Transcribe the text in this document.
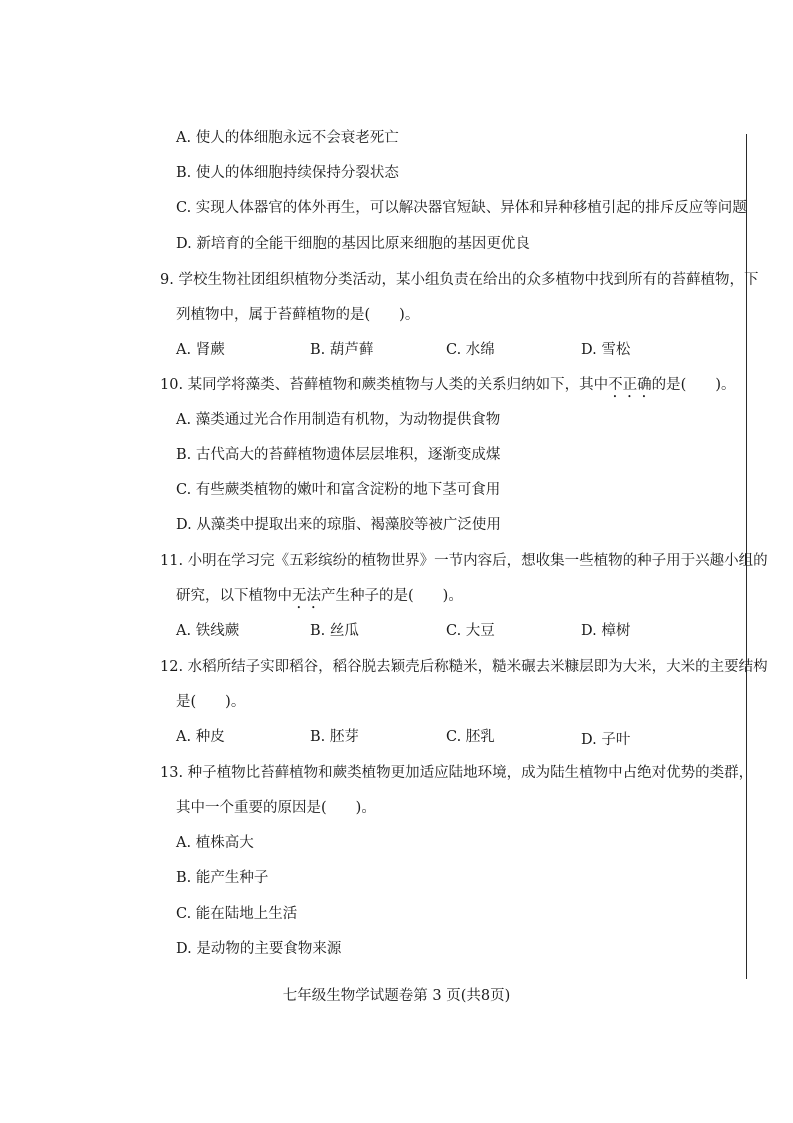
A. 使人的体细胞永远不会衰老死亡
B. 使人的体细胞持续保持分裂状态
C. 实现人体器官的体外再生，可以解决器官短缺、异体和异种移植引起的排斥反应等问题
D. 新培育的全能干细胞的基因比原来细胞的基因更优良
9. 学校生物社团组织植物分类活动，某小组负责在给出的众多植物中找到所有的苔藓植物，下
列植物中，属于苔藓植物的是(　　)。
A. 肾蕨	B. 葫芦藓	C. 水绵	D. 雪松
10. 某同学将藻类、苔藓植物和蕨类植物与人类的关系归纳如下，其中不正确的是(　　)。
A. 藻类通过光合作用制造有机物，为动物提供食物
B. 古代高大的苔藓植物遗体层层堆积，逐渐变成煤
C. 有些蕨类植物的嫩叶和富含淀粉的地下茎可食用
D. 从藻类中提取出来的琼脂、褐藻胶等被广泛使用
11. 小明在学习完《五彩缤纷的植物世界》一节内容后，想收集一些植物的种子用于兴趣小组的
研究，以下植物中无法产生种子的是(　　)。
A. 铁线蕨	B. 丝瓜	C. 大豆	D. 樟树
12. 水稻所结子实即稻谷，稻谷脱去颖壳后称糙米，糙米碾去米糠层即为大米，大米的主要结构
是(　　)。
A. 种皮	B. 胚芽	C. 胚乳	D. 子叶
13. 种子植物比苔藓植物和蕨类植物更加适应陆地环境，成为陆生植物中占绝对优势的类群，
其中一个重要的原因是(　　)。
A. 植株高大
B. 能产生种子
C. 能在陆地上生活
D. 是动物的主要食物来源
七年级生物学试题卷第 3 页(共8页)
